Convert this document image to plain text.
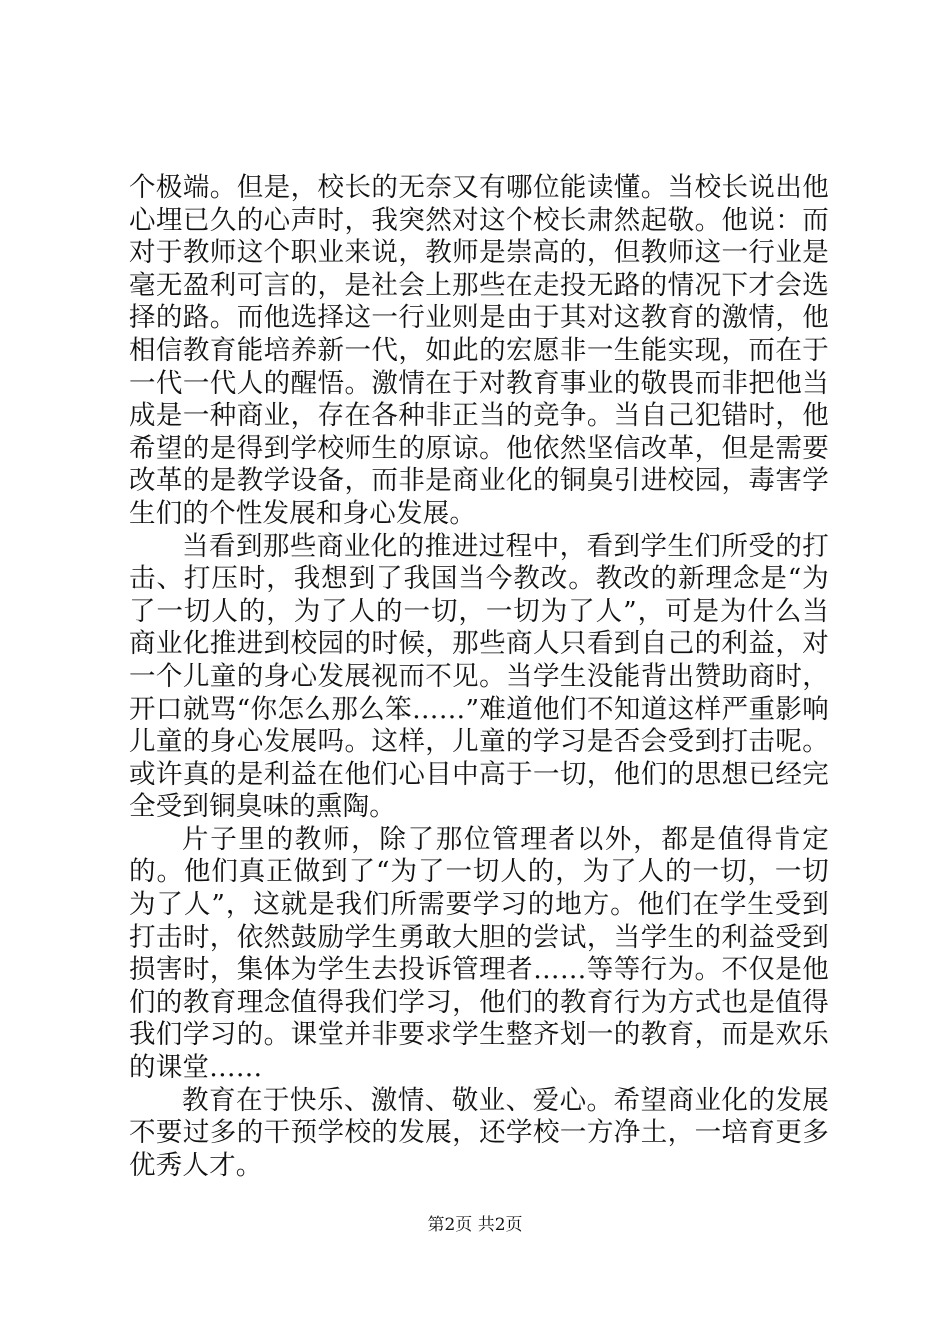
个极端。但是，校长的无奈又有哪位能读懂。当校长说出他心埋已久的心声时，我突然对这个校长肃然起敬。他说：而对于教师这个职业来说，教师是崇高的，但教师这一行业是毫无盈利可言的，是社会上那些在走投无路的情况下才会选择的路。而他选择这一行业则是由于其对这教育的激情，他相信教育能培养新一代，如此的宏愿非一生能实现，而在于一代一代人的醒悟。激情在于对教育事业的敬畏而非把他当成是一种商业，存在各种非正当的竞争。当自己犯错时，他希望的是得到学校师生的原谅。他依然坚信改革，但是需要改革的是教学设备，而非是商业化的铜臭引进校园，毒害学生们的个性发展和身心发展。

当看到那些商业化的推进过程中，看到学生们所受的打击、打压时，我想到了我国当今教改。教改的新理念是“为了一切人的，为了人的一切，一切为了人”，可是为什么当商业化推进到校园的时候，那些商人只看到自己的利益，对一个儿童的身心发展视而不见。当学生没能背出赞助商时，开口就骂“你怎么那么笨……”难道他们不知道这样严重影响儿童的身心发展吗。这样，儿童的学习是否会受到打击呢。或许真的是利益在他们心目中高于一切，他们的思想已经完全受到铜臭味的熏陶。

片子里的教师，除了那位管理者以外，都是值得肯定的。他们真正做到了“为了一切人的，为了人的一切，一切为了人”，这就是我们所需要学习的地方。他们在学生受到打击时，依然鼓励学生勇敢大胆的尝试，当学生的利益受到损害时，集体为学生去投诉管理者……等等行为。不仅是他们的教育理念值得我们学习，他们的教育行为方式也是值得我们学习的。课堂并非要求学生整齐划一的教育，而是欢乐的课堂……

教育在于快乐、激情、敬业、爱心。希望商业化的发展不要过多的干预学校的发展，还学校一方净土，一培育更多优秀人才。

第2页 共2页
